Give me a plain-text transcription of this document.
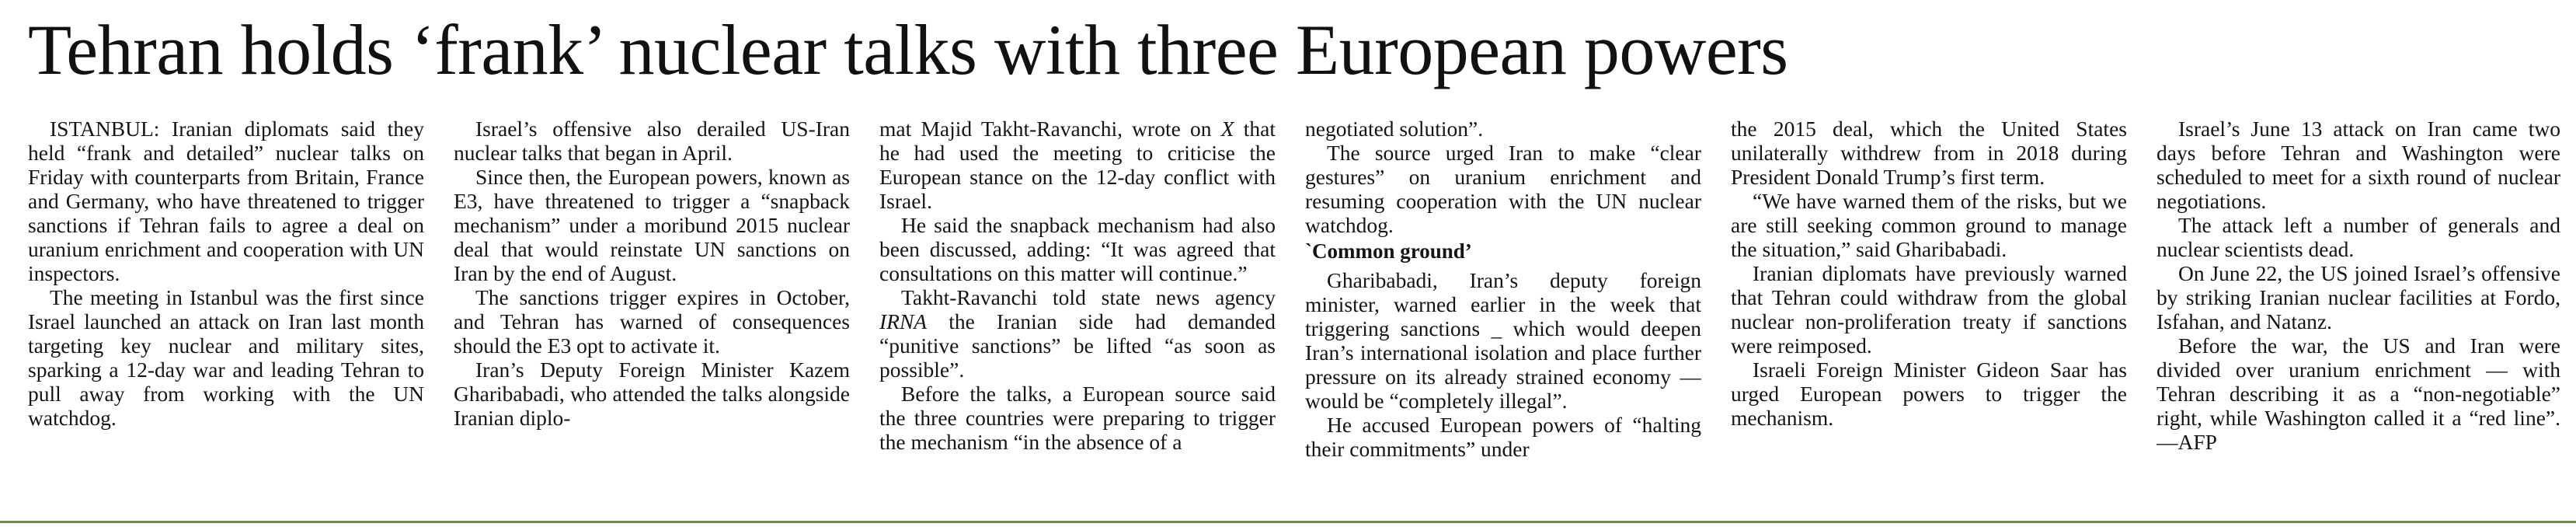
Tehran holds ‘frank’ nuclear talks with three European powers

ISTANBUL: Iranian diplomats said they held “frank and detailed” nuclear talks on Friday with counterparts from Britain, France and Germany, who have threatened to trigger sanctions if Tehran fails to agree a deal on uranium enrichment and cooperation with UN inspectors.

The meeting in Istanbul was the first since Israel launched an attack on Iran last month targeting key nuclear and military sites, sparking a 12-day war and leading Tehran to pull away from working with the UN watchdog.

Israel’s offensive also derailed US-Iran nuclear talks that began in April.

Since then, the European powers, known as E3, have threatened to trigger a “snapback mechanism” under a moribund 2015 nuclear deal that would reinstate UN sanctions on Iran by the end of August.

The sanctions trigger expires in October, and Tehran has warned of consequences should the E3 opt to activate it.

Iran’s Deputy Foreign Minister Kazem Gharibabadi, who attended the talks alongside Iranian diplo-

mat Majid Takht-Ravanchi, wrote on X that he had used the meeting to criticise the European stance on the 12-day conflict with Israel.

He said the snapback mechanism had also been discussed, adding: “It was agreed that consultations on this matter will continue.”

Takht-Ravanchi told state news agency IRNA the Iranian side had demanded “punitive sanctions” be lifted “as soon as possible”.

Before the talks, a European source said the three countries were preparing to trigger the mechanism “in the absence of a

negotiated solution”.

The source urged Iran to make “clear gestures” on uranium enrichment and resuming cooperation with the UN nuclear watchdog.

`Common ground’

Gharibabadi, Iran’s deputy foreign minister, warned earlier in the week that triggering sanctions _ which would deepen Iran’s international isolation and place further pressure on its already strained economy — would be “completely illegal”.

He accused European powers of “halting their commitments” under

the 2015 deal, which the United States unilaterally withdrew from in 2018 during President Donald Trump’s first term.

“We have warned them of the risks, but we are still seeking common ground to manage the situation,” said Gharibabadi.

Iranian diplomats have previously warned that Tehran could withdraw from the global nuclear non-proliferation treaty if sanctions were reimposed.

Israeli Foreign Minister Gideon Saar has urged European powers to trigger the mechanism.

Israel’s June 13 attack on Iran came two days before Tehran and Washington were scheduled to meet for a sixth round of nuclear negotiations.

The attack left a number of generals and nuclear scientists dead.

On June 22, the US joined Israel’s offensive by striking Iranian nuclear facilities at Fordo, Isfahan, and Natanz.

Before the war, the US and Iran were divided over uranium enrichment — with Tehran describing it as a “non-negotiable” right, while Washington called it a “red line”.—AFP
